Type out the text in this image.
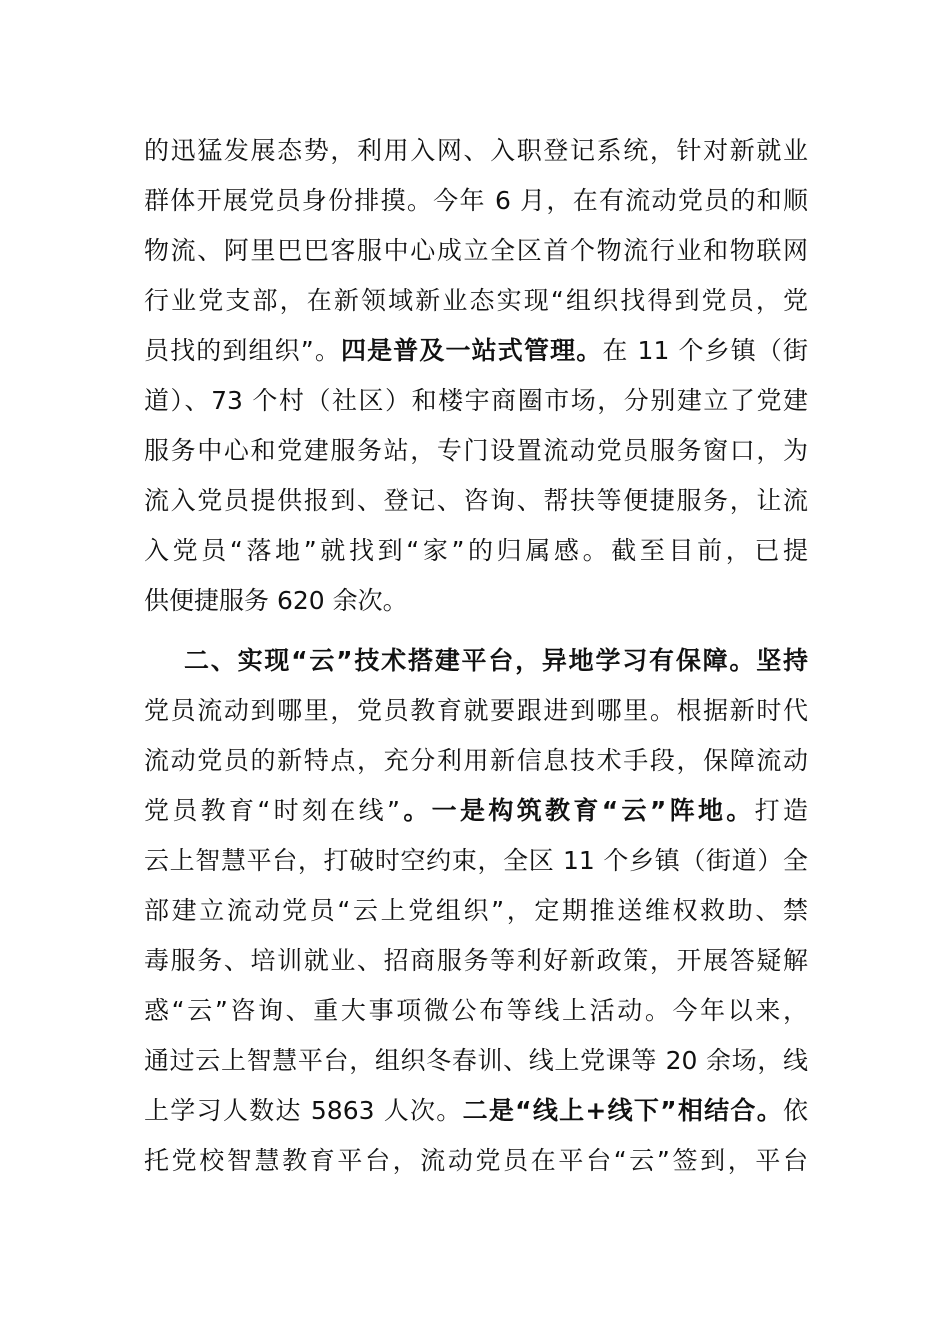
的迅猛发展态势，利用入网、入职登记系统，针对新就业
群体开展党员身份排摸。今年 6 月，在有流动党员的和顺
物流、阿里巴巴客服中心成立全区首个物流行业和物联网
行业党支部，在新领域新业态实现“组织找得到党员，党
员找的到组织”。四是普及一站式管理。在 11 个乡镇（街
道）、73 个村（社区）和楼宇商圈市场，分别建立了党建
服务中心和党建服务站，专门设置流动党员服务窗口，为
流入党员提供报到、登记、咨询、帮扶等便捷服务，让流
入党员“落地”就找到“家”的归属感。截至目前，已提
供便捷服务 620 余次。
二、实现“云”技术搭建平台，异地学习有保障。坚持
党员流动到哪里，党员教育就要跟进到哪里。根据新时代
流动党员的新特点，充分利用新信息技术手段，保障流动
党员教育“时刻在线”。一是构筑教育“云”阵地。打造
云上智慧平台，打破时空约束，全区 11 个乡镇（街道）全
部建立流动党员“云上党组织”，定期推送维权救助、禁
毒服务、培训就业、招商服务等利好新政策，开展答疑解
惑“云”咨询、重大事项微公布等线上活动。今年以来，
通过云上智慧平台，组织冬春训、线上党课等 20 余场，线
上学习人数达 5863 人次。二是“线上+线下”相结合。依
托党校智慧教育平台，流动党员在平台“云”签到，平台
